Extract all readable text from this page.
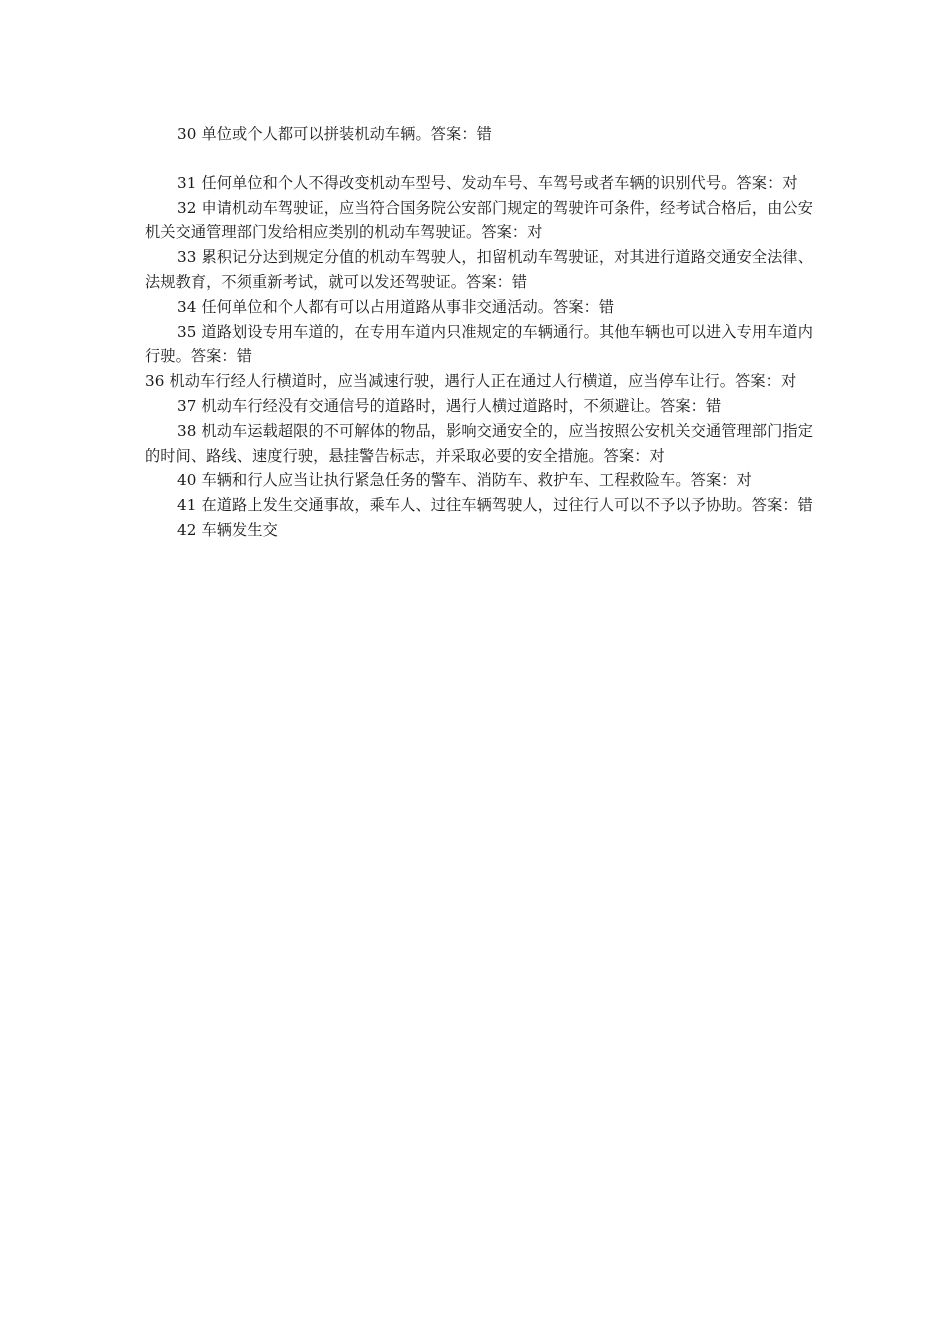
30 单位或个人都可以拼装机动车辆。答案：错

31 任何单位和个人不得改变机动车型号、发动车号、车驾号或者车辆的识别代号。答案：对

32 申请机动车驾驶证，应当符合国务院公安部门规定的驾驶许可条件，经考试合格后，由公安机关交通管理部门发给相应类别的机动车驾驶证。答案：对

33 累积记分达到规定分值的机动车驾驶人，扣留机动车驾驶证，对其进行道路交通安全法律、法规教育，不须重新考试，就可以发还驾驶证。答案：错

34 任何单位和个人都有可以占用道路从事非交通活动。答案：错

35 道路划设专用车道的，在专用车道内只准规定的车辆通行。其他车辆也可以进入专用车道内行驶。答案：错

36 机动车行经人行横道时，应当减速行驶，遇行人正在通过人行横道，应当停车让行。答案：对

37 机动车行经没有交通信号的道路时，遇行人横过道路时，不须避让。答案：错

38 机动车运载超限的不可解体的物品，影响交通安全的，应当按照公安机关交通管理部门指定的时间、路线、速度行驶，悬挂警告标志，并采取必要的安全措施。答案：对

40 车辆和行人应当让执行紧急任务的警车、消防车、救护车、工程救险车。答案：对

41 在道路上发生交通事故，乘车人、过往车辆驾驶人，过往行人可以不予以予协助。答案：错

42 车辆发生交
